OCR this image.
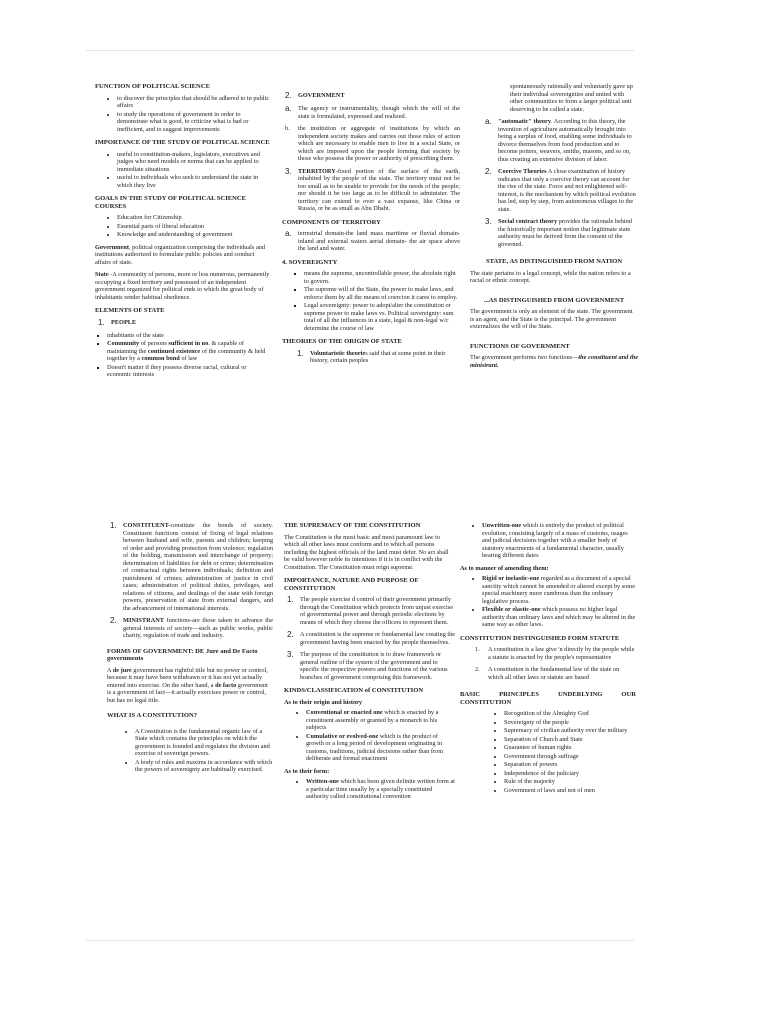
FUNCTION OF POLITICAL SCIENCE
• to discover the principles that should be adhered to in public affairs
• to study the operations of government in order to demonstrate what is good, to criticize what is bad or inefficient, and to suggest improvements
IMPORTANCE OF THE STUDY OF POLITICAL SCIENCE
• useful to constitution-makers, legislators, executives and judges who need models or norms that can be applied to immediate situations
• useful to individuals who seek to understand the state in which they live
GOALS IN THE STUDY OF POLITICAL SCIENCE COURSES
• Education for Citizenship
• Essential parts of liberal education
• Knowledge and understanding of government

Government, political organization comprising the individuals and institutions authorized to formulate public policies and conduct affairs of state.

State -A community of persons, more or less numerous, permanently occupying a fixed territory and possessed of an independent government organized for political ends to which the great body of inhabitants render habitual obedience.

ELEMENTS OF STATE
1.	PEOPLE
▪ inhabitants of the state
▪ Community of persons sufficient in no. & capable of maintaining the continued existence of the community & held together by a common bond of law
▪ Doesn't matter if they possess diverse racial, cultural or economic interests
2.	GOVERNMENT
a.	The agency or instrumentality, though which the will of the state is formulated, expressed and realized.
b.	the institution or aggregate of institutions by which an independent society makes and carries out those rules of action which are necessary to enable men to live in a social State, or which are imposed upon the people forming that society by those who possess the power or authority of prescribing them.
3.	TERRITORY-fixed portion of the surface of the earth, inhabited by the people of the state. The territory must not be too small as to be unable to provide for the needs of the people; nor should it be too large as to be difficult to administer. The territory can extend to over a vast expanse, like China or Russia, or be as small as Abu Dhabi.
COMPONENTS OF TERRITORY
a.	terrestrial domain-the land mass maritime or fluvial domain-inland and external waters aerial domain- the air space above the land and water.
4. SOVEREIGNTY
▪ means the supreme, uncontrollable power, the absolute right to govern.
▪ The supreme will of the State, the power to make laws, and enforce them by all the means of coercion it cares to employ.
▪ Legal sovereignty: power to adopt/alter the constitution or supreme power to make laws vs. Political sovereignty: sum total of all the influences in a state, legal & non-legal w/c determine the course of law
THEORIES OF THE ORIGIN OF STATE
1.	Voluntaristic theories said that at some point in their history, certain peoples

spontaneously rationally and voluntarily gave up their individual sovereignties and united with other communities to form a larger political unit deserving to be called a state.

a.	"automatic" theory. According to this theory, the invention of agriculture automatically brought into being a surplus of food, enabling some individuals to divorce themselves from food production and to become potters, weavers, smiths, masons, and so on, thus creating an extensive division of labor.
2.	Coercive Theories A close examination of history indicates that only a coercive theory can account for the rise of the state. Force and not enlightened self-interest, is the mechanism by which political evolution has led, step by step, from autonomous villages to the state.
3.	Social contract theory provides the rationale behind the historically important notion that legitimate state authority must be derived from the consent of the governed.
STATE, AS DISTINGUISHED FROM NATION

The state pertains to a legal concept, while the nation refers to a racial or ethnic concept.

...AS DISTINGUISHED FROM GOVERNMENT

The government is only an element of the state. The government is an agent, and the State is the principal. The government externalizes the will of the State.

FUNCTIONS OF GOVERNMENT

The government performs two functions—the constituent and the ministrant.

1.	CONSTITUENT-constitute the bonds of society. Constituent functions consist of fixing of legal relations between husband and wife, parents and children; keeping of order and providing protection from violence; regulation of the holding, transmission and interchange of property; determination of liabilities for debt or crime; determination of contractual rights between individuals; definition and punishment of crimes; administration of justice in civil cases; administration of political duties, privileges, and relations of citizens, and dealings of the state with foreign powers, preservation of state from external dangers, and the advancement of international interests.
2.	MINISTRANT functions-are those taken to advance the general interests of society—such as public works, public charity, regulation of trade and industry.
FORMS OF GOVERNMENT: DE Jure and De Facto governments

A de jure government has rightful title but no power or control, because it may have been withdrawn or it has not yet actually entered into exercise. On the other hand, a de facto government is a government of fact—it actually exercises power or control, but has no legal title.

WHAT IS A CONSTITUTION?
• A Constitution is the fundamental organic law of a State which contains the principles on which the government is founded and regulates the division and exercise of sovereign powers.
• A body of rules and maxims in accordance with which the powers of sovereignty are habitually exercised.
THE SUPREMACY OF THE CONSTITUTION

The Constitution is the most basic and most paramount law to which all other laws must conform and to which all persons including the highest officials of the land must defer. No act shall be valid however noble its intentions if it is in conflict with the Constitution. The Constitution must reign supreme.

IMPORTANCE, NATURE AND PURPOSE OF CONSTITUTION
1.	The people exercise d control of their government primarily through the Constitution which protects from unjust exercise of governmental power and through periodic elections by means of which they choose the officers to represent them.
2.	A constitution is the supreme or fundamental law creating the government having been enacted by the people themselves.
3.	The purpose of the constitution is to draw framework or general outline of the system of the government and to specific the respective powers and functions of the various branches of government comprising this framework.
KINDS/CLASSIFICATION of CONSTITUTION
As to their origin and history
• Conventional or enacted one which is enacted by a constituent assembly or granted by a monarch to his subjects
• Cumulative or evolved-one which is the product of growth or a long period of development originating in customs, traditions, judicial decisions rather than from deliberate and formal enactment
As to their form:
• Written-one which has been given definite written form at a particular time usually by a specially constituted authority called constitutional convention
• Unwritten-one which is entirely the product of political evolution, consisting largely of a mass of customs, usages and judicial decisions together with a smaller body of statutory enactments of a fundamental character, usually bearing different dates
As to manner of amending them:
• Rigid or inelastic-one regarded as a document of a special sanctity which cannot be amended or altered except by some special machinery more cumbrous than the ordinary legislative process.
• Flexible or elastic-one which possess no higher legal authority than ordinary laws and which may be altered in the same way as other laws.
CONSTITUTION DISTINGUISHED FORM STATUTE
1.	A constitution is a law give 'n directly by the people while a statute is enacted by the people's representative
2.	A constitution is the fundamental law of the state on which all other laws or statute are based
BASIC PRINCIPLES UNDERLYING OUR CONSTITUTION
• Recognition of the Almighty God
• Sovereignty of the people
• Supremacy of civilian authority over the military
• Separation of Church and State
• Guarantee of human rights
• Government through suffrage
• Separation of powers
• Independence of the judiciary
• Rule of the majority
• Government of laws and not of men
